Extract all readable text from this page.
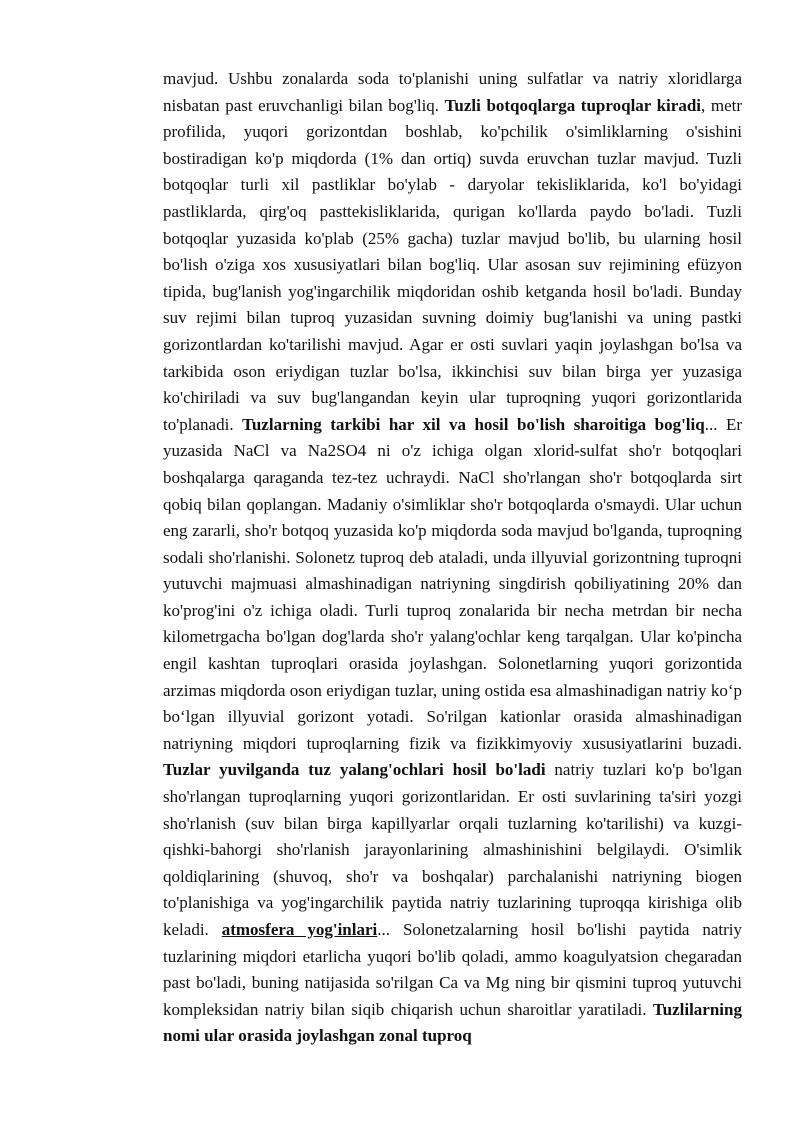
mavjud. Ushbu zonalarda soda to'planishi uning sulfatlar va natriy xloridlarga nisbatan past eruvchanligi bilan bog'liq. Tuzli botqoqlarga tuproqlar kiradi, metr profilida, yuqori gorizontdan boshlab, ko'pchilik o'simliklarning o'sishini bostiradigan ko'p miqdorda (1% dan ortiq) suvda eruvchan tuzlar mavjud. Tuzli botqoqlar turli xil pastliklar bo'ylab - daryolar tekisliklarida, ko'l bo'yidagi pastliklarda, qirg'oq pasttekisliklarida, qurigan ko'llarda paydo bo'ladi. Tuzli botqoqlar yuzasida ko'plab (25% gacha) tuzlar mavjud bo'lib, bu ularning hosil bo'lish o'ziga xos xususiyatlari bilan bog'liq. Ular asosan suv rejimining efüzyon tipida, bug'lanish yog'ingarchilik miqdoridan oshib ketganda hosil bo'ladi. Bunday suv rejimi bilan tuproq yuzasidan suvning doimiy bug'lanishi va uning pastki gorizontlardan ko'tarilishi mavjud. Agar er osti suvlari yaqin joylashgan bo'lsa va tarkibida oson eriydigan tuzlar bo'lsa, ikkinchisi suv bilan birga yer yuzasiga ko'chiriladi va suv bug'langandan keyin ular tuproqning yuqori gorizontlarida to'planadi. Tuzlarning tarkibi har xil va hosil bo'lish sharoitiga bog'liq... Er yuzasida NaCl va Na2SO4 ni o'z ichiga olgan xlorid-sulfat sho'r botqoqlari boshqalarga qaraganda tez-tez uchraydi. NaCl sho'rlangan sho'r botqoqlarda sirt qobiq bilan qoplangan. Madaniy o'simliklar sho'r botqoqlarda o'smaydi. Ular uchun eng zararli, sho'r botqoq yuzasida ko'p miqdorda soda mavjud bo'lganda, tuproqning sodali sho'rlanishi. Solonetz tuproq deb ataladi, unda illyuvial gorizontning tuproqni yutuvchi majmuasi almashinadigan natriyning singdirish qobiliyatining 20% dan ko'prog'ini o'z ichiga oladi. Turli tuproq zonalarida bir necha metrdan bir necha kilometrgacha bo'lgan dog'larda sho'r yalang'ochlar keng tarqalgan. Ular ko'pincha engil kashtan tuproqlari orasida joylashgan. Solonetlarning yuqori gorizontida arzimas miqdorda oson eriydigan tuzlar, uning ostida esa almashinadigan natriy ko‘p bo‘lgan illyuvial gorizont yotadi. So'rilgan kationlar orasida almashinadigan natriyning miqdori tuproqlarning fizik va fizikkimyoviy xususiyatlarini buzadi. Tuzlar yuvilganda tuz yalang'ochlari hosil bo'ladi natriy tuzlari ko'p bo'lgan sho'rlangan tuproqlarning yuqori gorizontlaridan. Er osti suvlarining ta'siri yozgi sho'rlanish (suv bilan birga kapillyarlar orqali tuzlarning ko'tarilishi) va kuzgi-qishki-bahorgi sho'rlanish jarayonlarining almashinishini belgilaydi. O'simlik qoldiqlarining (shuvoq, sho'r va boshqalar) parchalanishi natriyning biogen to'planishiga va yog'ingarchilik paytida natriy tuzlarining tuproqqa kirishiga olib keladi. atmosfera yog'inlari... Solonetzalarning hosil bo'lishi paytida natriy tuzlarining miqdori etarlicha yuqori bo'lib qoladi, ammo koagulyatsion chegaradan past bo'ladi, buning natijasida so'rilgan Ca va Mg ning bir qismini tuproq yutuvchi kompleksidan natriy bilan siqib chiqarish uchun sharoitlar yaratiladi. Tuzlilarning nomi ular orasida joylashgan zonal tuproq
